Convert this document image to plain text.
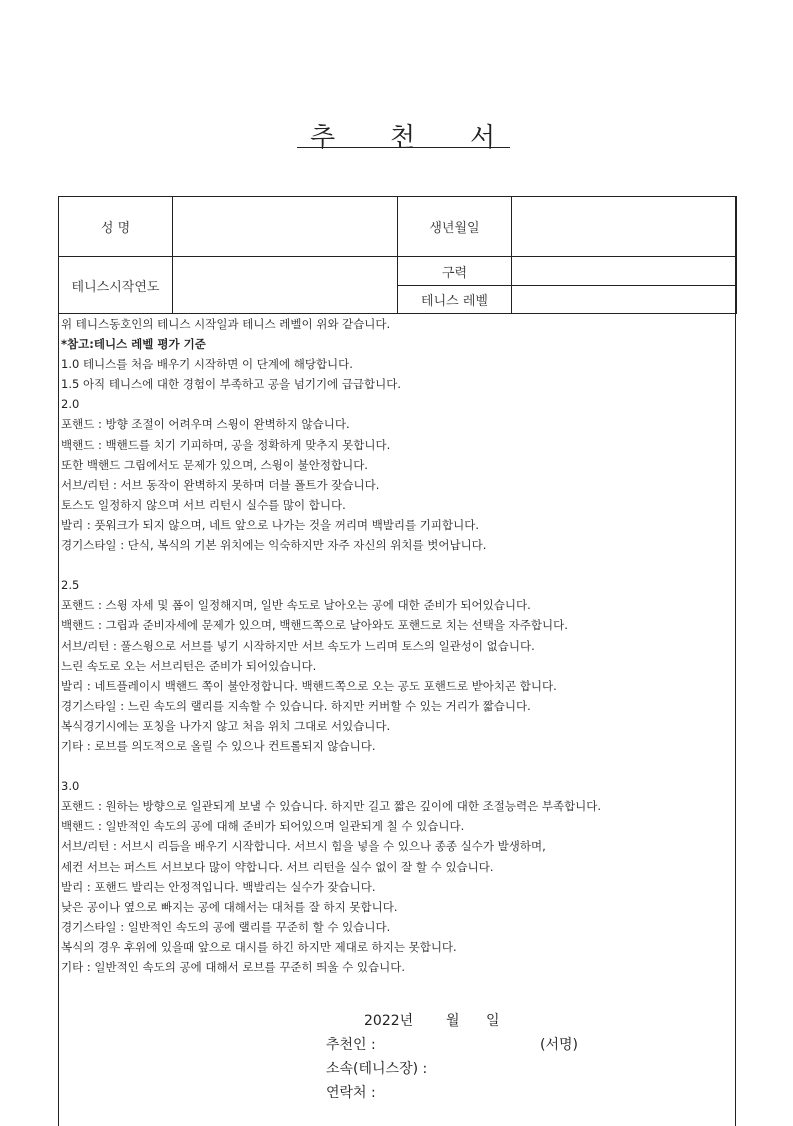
추 천 서
성 명		생년월일	
테니스시작연도		구력	
		테니스 레벨	
위 테니스동호인의 테니스 시작일과 테니스 레벨이 위와 같습니다.
*참고:테니스 레벨 평가 기준
1.0 테니스를 처음 배우기 시작하면 이 단계에 해당합니다.
1.5 아직 테니스에 대한 경험이 부족하고 공을 넘기기에 급급합니다.
2.0
포핸드 : 방향 조절이 어려우며 스윙이 완벽하지 않습니다.
백핸드 : 백핸드를 치기 기피하며, 공을 정확하게 맞추지 못합니다.
또한 백핸드 그립에서도 문제가 있으며, 스윙이 불안정합니다.
서브/리턴 : 서브 동작이 완벽하지 못하며 더블 폴트가 잦습니다.
토스도 일정하지 않으며 서브 리턴시 실수를 많이 합니다.
발리 : 풋워크가 되지 않으며, 네트 앞으로 나가는 것을 꺼리며 백발리를 기피합니다.
경기스타일 : 단식, 복식의 기본 위치에는 익숙하지만 자주 자신의 위치를 벗어납니다.
2.5
포핸드 : 스윙 자세 및 폼이 일정해지며, 일반 속도로 날아오는 공에 대한 준비가 되어있습니다.
백핸드 : 그립과 준비자세에 문제가 있으며, 백핸드쪽으로 날아와도 포핸드로 치는 선택을 자주합니다.
서브/리턴 : 풀스윙으로 서브를 넣기 시작하지만 서브 속도가 느리며 토스의 일관성이 없습니다.
느린 속도로 오는 서브리턴은 준비가 되어있습니다.
발리 : 네트플레이시 백핸드 쪽이 불안정합니다. 백핸드쪽으로 오는 공도 포핸드로 받아치곤 합니다.
경기스타일 : 느린 속도의 랠리를 지속할 수 있습니다. 하지만 커버할 수 있는 거리가 짧습니다.
복식경기시에는 포칭을 나가지 않고 처음 위치 그대로 서있습니다.
기타 : 로브를 의도적으로 올릴 수 있으나 컨트롤되지 않습니다.
3.0
포핸드 : 원하는 방향으로 일관되게 보낼 수 있습니다. 하지만 길고 짧은 깊이에 대한 조절능력은 부족합니다.
백핸드 : 일반적인 속도의 공에 대해 준비가 되어있으며 일관되게 칠 수 있습니다.
서브/리턴 : 서브시 리듬을 배우기 시작합니다. 서브시 힘을 넣을 수 있으나 종종 실수가 발생하며,
세컨 서브는 퍼스트 서브보다 많이 약합니다. 서브 리턴을 실수 없이 잘 할 수 있습니다.
발리 : 포핸드 발리는 안정적입니다. 백발리는 실수가 잦습니다.
낮은 공이나 옆으로 빠지는 공에 대해서는 대처를 잘 하지 못합니다.
경기스타일 : 일반적인 속도의 공에 랠리를 꾸준히 할 수 있습니다.
복식의 경우 후위에 있을때 앞으로 대시를 하긴 하지만 제대로 하지는 못합니다.
기타 : 일반적인 속도의 공에 대해서 로브를 꾸준히 띄울 수 있습니다.
2022년 월 일
추천인 :	(서명)
소속(테니스장) :
연락처 :
